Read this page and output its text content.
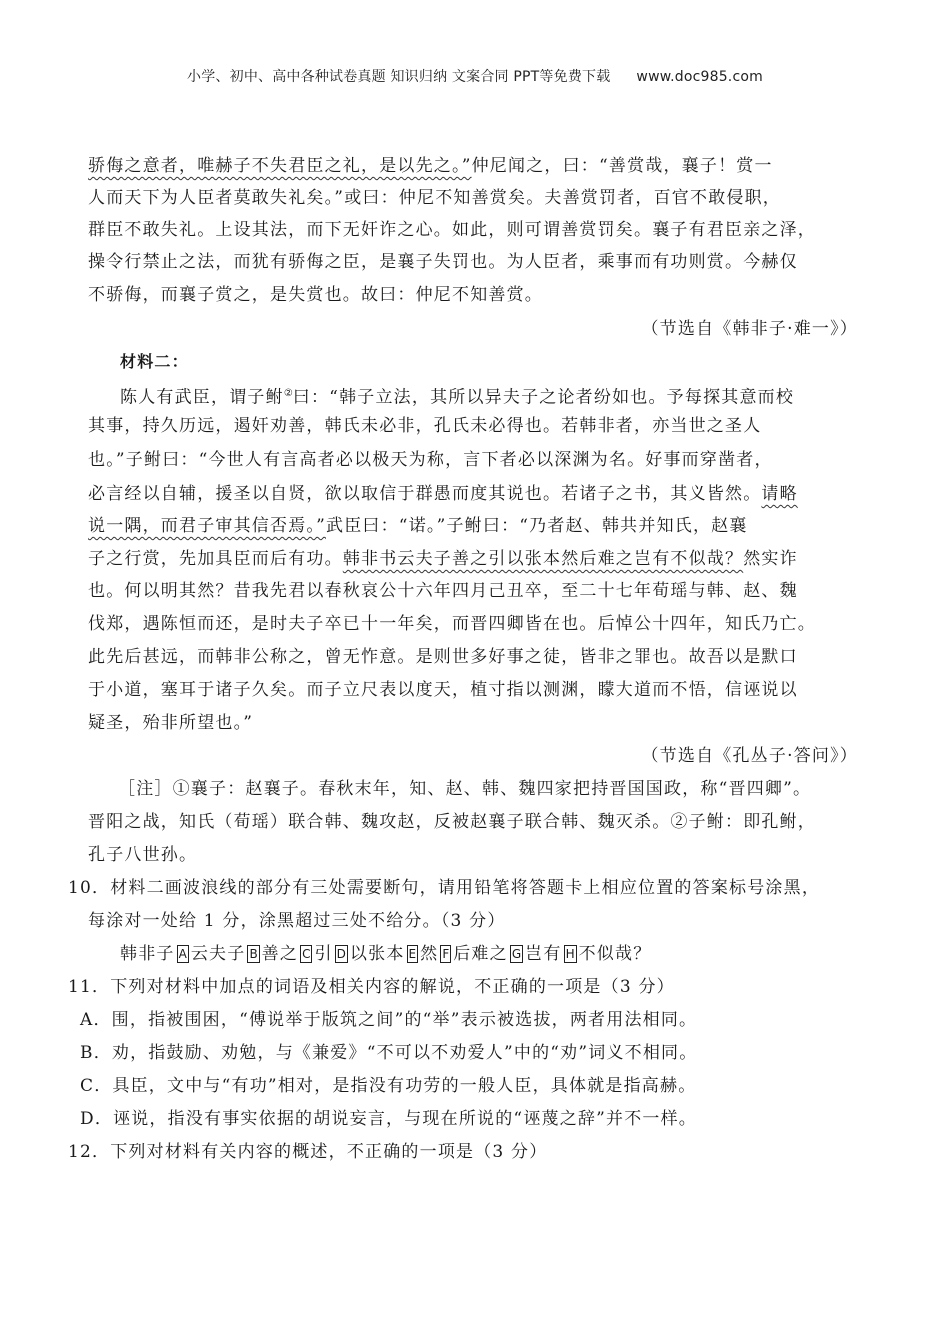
小学、初中、高中各种试卷真题 知识归纳 文案合同 PPT等免费下载 www.doc985.com
骄侮之意者，唯赫子不失君臣之礼，是以先之。”仲尼闻之，曰：“善赏哉，襄子！赏一
人而天下为人臣者莫敢失礼矣。”或曰：仲尼不知善赏矣。夫善赏罚者，百官不敢侵职，
群臣不敢失礼。上设其法，而下无奸诈之心。如此，则可谓善赏罚矣。襄子有君臣亲之泽，
操令行禁止之法，而犹有骄侮之臣，是襄子失罚也。为人臣者，乘事而有功则赏。今赫仅
不骄侮，而襄子赏之，是失赏也。故曰：仲尼不知善赏。
（节选自《韩非子·难一》）
材料二：
陈人有武臣，谓子鲋②曰：“韩子立法，其所以异夫子之论者纷如也。予每探其意而校
其事，持久历远，遏奸劝善，韩氏未必非，孔氏未必得也。若韩非者，亦当世之圣人
也。”子鲋曰：“今世人有言高者必以极天为称，言下者必以深渊为名。好事而穿凿者，
必言经以自辅，援圣以自贤，欲以取信于群愚而度其说也。若诸子之书，其义皆然。请略
说一隅，而君子审其信否焉。”武臣曰：“诺。”子鲋曰：“乃者赵、韩共并知氏，赵襄
子之行赏，先加具臣而后有功。韩非书云夫子善之引以张本然后难之岂有不似哉？然实诈
也。何以明其然？昔我先君以春秋哀公十六年四月己丑卒，至二十七年荀瑶与韩、赵、魏
伐郑，遇陈恒而还，是时夫子卒已十一年矣，而晋四卿皆在也。后悼公十四年，知氏乃亡。
此先后甚远，而韩非公称之，曾无怍意。是则世多好事之徒，皆非之罪也。故吾以是默口
于小道，塞耳于诸子久矣。而子立尺表以度天，植寸指以测渊，矇大道而不悟，信诬说以
疑圣，殆非所望也。”
（节选自《孔丛子·答问》）
［注］①襄子：赵襄子。春秋末年，知、赵、韩、魏四家把持晋国国政，称“晋四卿”。
晋阳之战，知氏（荀瑶）联合韩、魏攻赵，反被赵襄子联合韩、魏灭杀。②子鲋：即孔鲋，
孔子八世孙。
10．材料二画波浪线的部分有三处需要断句，请用铅笔将答题卡上相应位置的答案标号涂黑，
每涂对一处给 1 分，涂黑超过三处不给分。（3 分）
韩非子 A 云夫子 B 善之 C 引 D 以张本 E 然 F 后难之 G 岂有 H 不似哉？
11．下列对材料中加点的词语及相关内容的解说，不正确的一项是（3 分）
A．围，指被围困，“傅说举于版筑之间”的“举”表示被选拔，两者用法相同。
B．劝，指鼓励、劝勉，与《兼爱》“不可以不劝爱人”中的“劝”词义不相同。
C．具臣，文中与“有功”相对，是指没有功劳的一般人臣，具体就是指高赫。
D．诬说，指没有事实依据的胡说妄言，与现在所说的“诬蔑之辞”并不一样。
12．下列对材料有关内容的概述，不正确的一项是（3 分）
